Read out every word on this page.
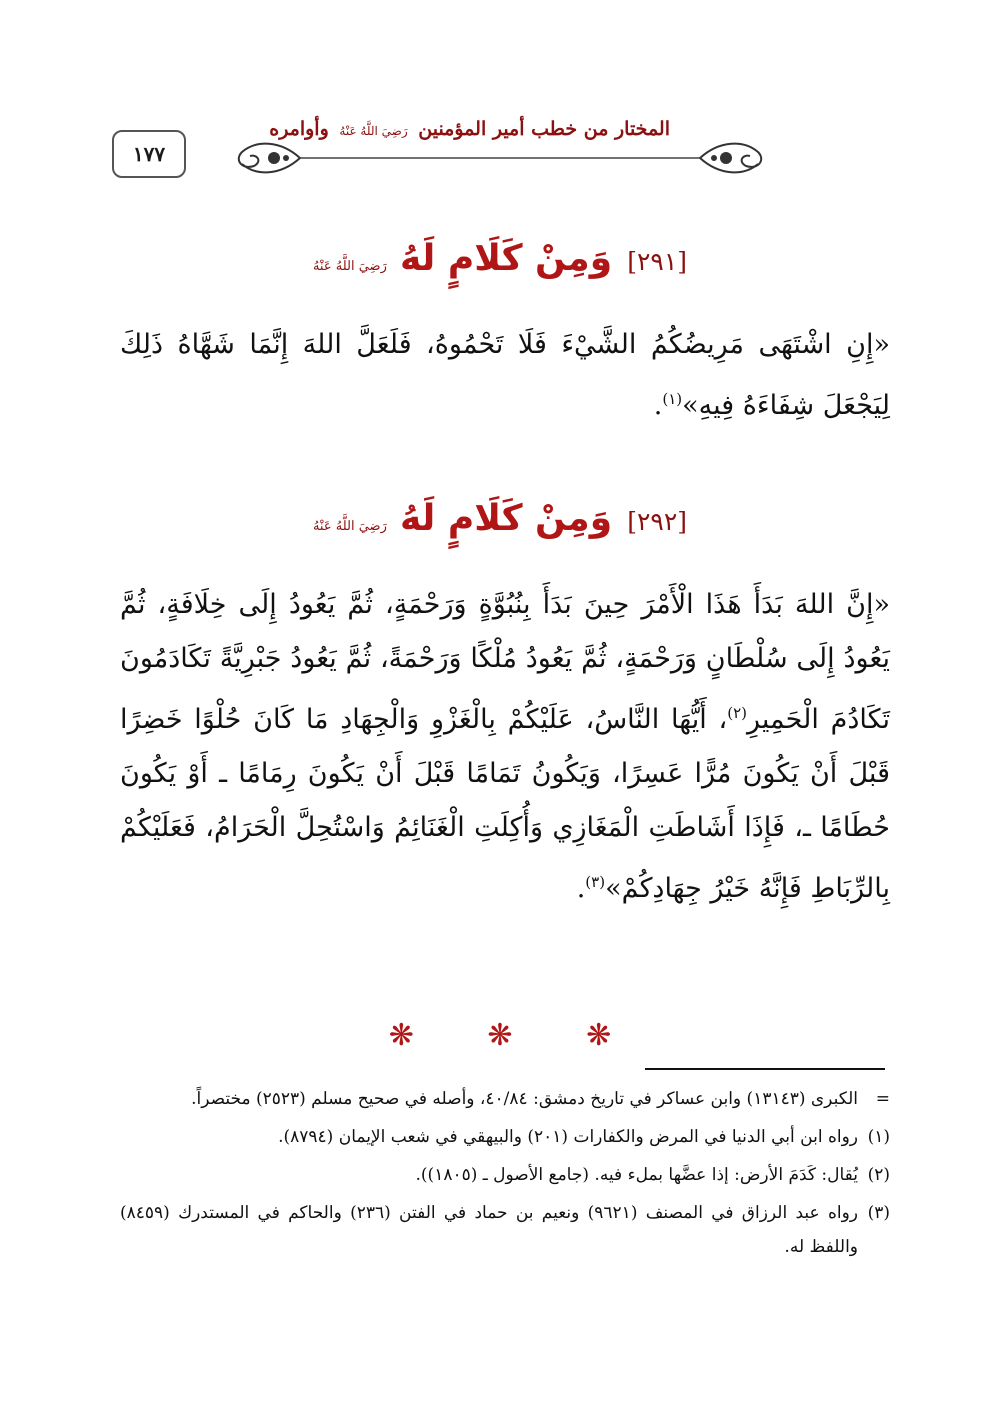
١٧٧
المختار من خطب أمير المؤمنين رَضِيَ اللَّهُ عَنْهُ وأوامره
[٢٩١] وَمِنْ كَلَامٍ لَهُ رَضِيَ اللَّهُ عَنْهُ
«إِنِ اشْتَهَى مَرِيضُكُمُ الشَّيْءَ فَلَا تَحْمُوهُ، فَلَعَلَّ اللهَ إِنَّمَا شَهَّاهُ ذَلِكَ لِيَجْعَلَ شِفَاءَهُ فِيهِ»$^{(١)}$.
[٢٩٢] وَمِنْ كَلَامٍ لَهُ رَضِيَ اللَّهُ عَنْهُ
«إِنَّ اللهَ بَدَأَ هَذَا الْأَمْرَ حِينَ بَدَأَ بِنُبُوَّةٍ وَرَحْمَةٍ، ثُمَّ يَعُودُ إِلَى خِلَافَةٍ، ثُمَّ يَعُودُ إِلَى سُلْطَانٍ وَرَحْمَةٍ، ثُمَّ يَعُودُ مُلْكًا وَرَحْمَةً، ثُمَّ يَعُودُ جَبْرِيَّةً تَكَادَمُونَ تَكَادُمَ الْحَمِيرِ$^{(٢)}$، أَيُّهَا النَّاسُ، عَلَيْكُمْ بِالْغَزْوِ وَالْجِهَادِ مَا كَانَ حُلْوًا خَضِرًا قَبْلَ أَنْ يَكُونَ مُرًّا عَسِرًا، وَيَكُونُ تَمَامًا قَبْلَ أَنْ يَكُونَ رِمَامًا ـ أَوْ يَكُونَ حُطَامًا ـ، فَإِذَا أَشَاطَتِ الْمَغَازِي وَأُكِلَتِ الْغَنَائِمُ وَاسْتُحِلَّ الْحَرَامُ، فَعَلَيْكُمْ بِالرِّبَاطِ فَإِنَّهُ خَيْرُ جِهَادِكُمْ»$^{(٣)}$.
❋ ❋ ❋
=
الكبرى (١٣١٤٣) وابن عساكر في تاريخ دمشق: ٤٠/٨٤، وأصله في صحيح مسلم (٢٥٢٣) مختصراً.
(١)
رواه ابن أبي الدنيا في المرض والكفارات (٢٠١) والبيهقي في شعب الإيمان (٨٧٩٤).
(٢)
يُقال: كَدَمَ الأرض: إذا عضَّها بملء فيه. (جامع الأصول ـ (١٨٠٥)).
(٣)
رواه عبد الرزاق في المصنف (٩٦٢١) ونعيم بن حماد في الفتن (٢٣٦) والحاكم في المستدرك (٨٤٥٩) واللفظ له.
